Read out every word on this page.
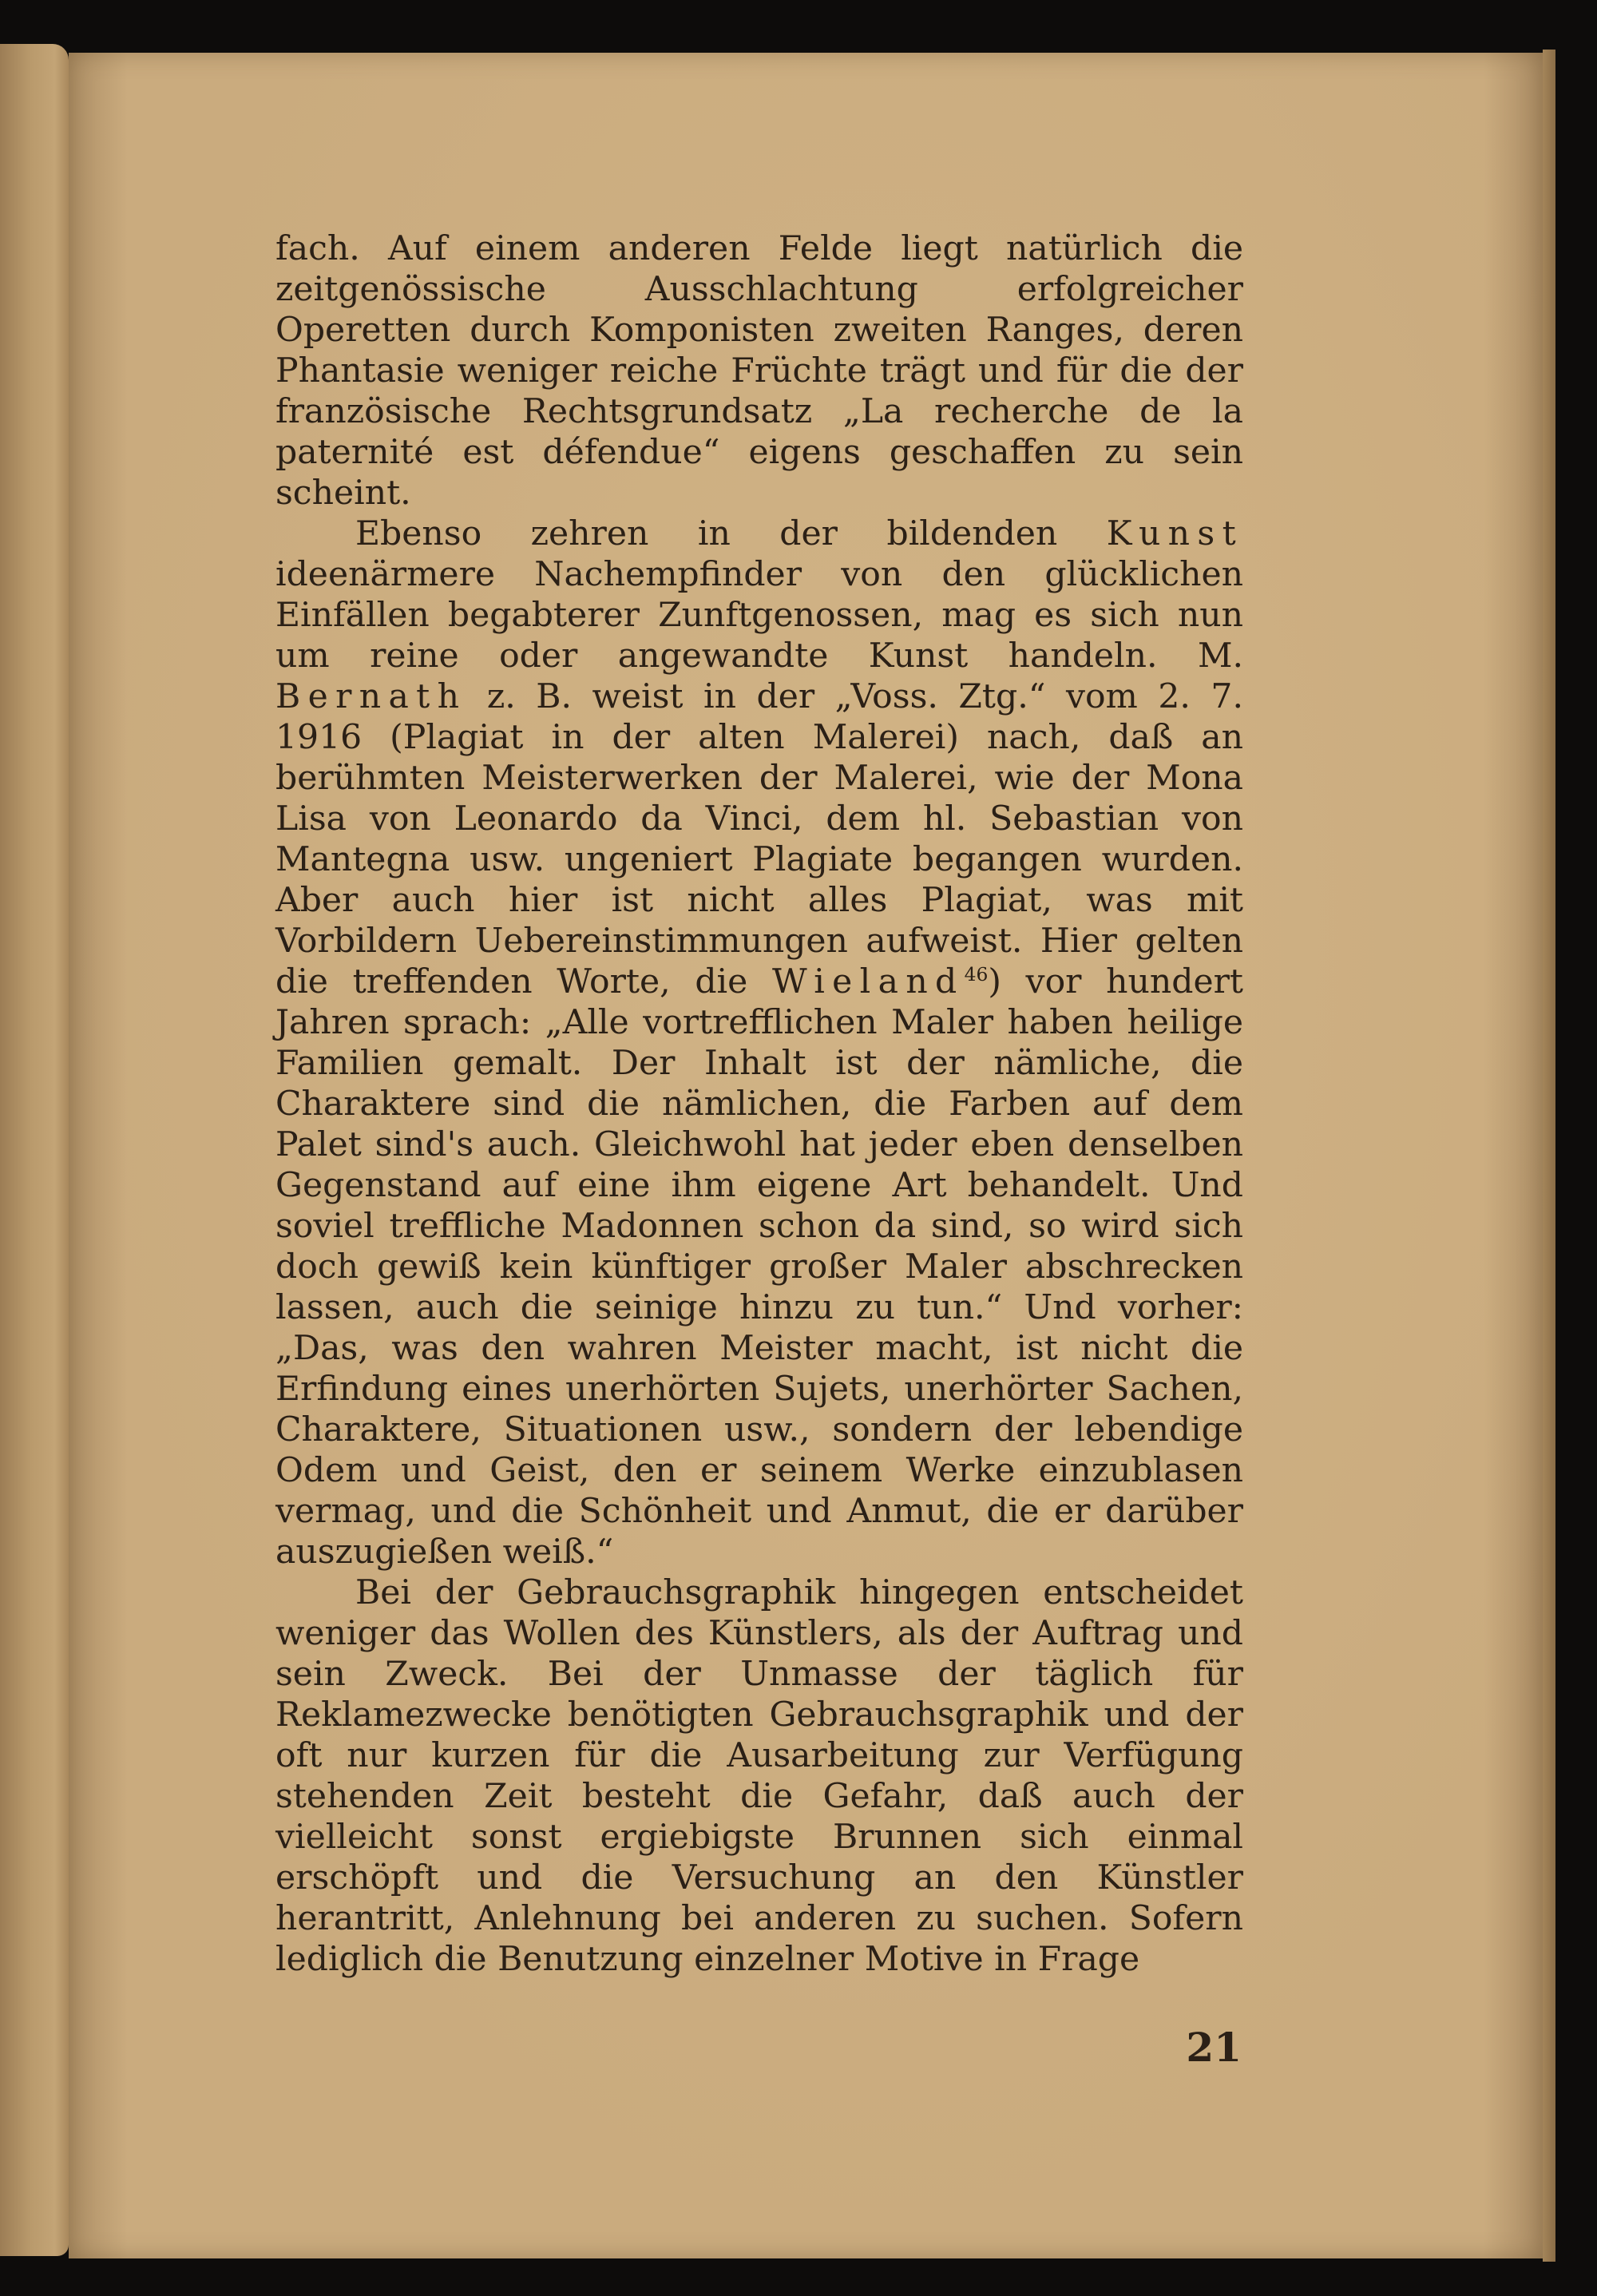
fach. Auf einem anderen Felde liegt natürlich die zeitgenössische Ausschlachtung erfolgreicher Operetten durch Komponisten zweiten Ranges, deren Phantasie weniger reiche Früchte trägt und für die der französische Rechtsgrundsatz „La recherche de la paternité est défendue“ eigens geschaffen zu sein scheint.

Ebenso zehren in der bildenden Kunst ideenärmere Nachempfinder von den glücklichen Einfällen begabterer Zunftgenossen, mag es sich nun um reine oder angewandte Kunst handeln. M. Bernath z. B. weist in der „Voss. Ztg.“ vom 2. 7. 1916 (Plagiat in der alten Malerei) nach, daß an berühmten Meisterwerken der Malerei, wie der Mona Lisa von Leonardo da Vinci, dem hl. Sebastian von Mantegna usw. ungeniert Plagiate begangen wurden. Aber auch hier ist nicht alles Plagiat, was mit Vorbildern Uebereinstimmungen aufweist. Hier gelten die treffenden Worte, die Wieland$^{46}$) vor hundert Jahren sprach: „Alle vortrefflichen Maler haben heilige Familien gemalt. Der Inhalt ist der nämliche, die Charaktere sind die nämlichen, die Farben auf dem Palet sind's auch. Gleichwohl hat jeder eben denselben Gegenstand auf eine ihm eigene Art behandelt. Und soviel treffliche Madonnen schon da sind, so wird sich doch gewiß kein künftiger großer Maler abschrecken lassen, auch die seinige hinzu zu tun.“ Und vorher: „Das, was den wahren Meister macht, ist nicht die Erfindung eines unerhörten Sujets, unerhörter Sachen, Charaktere, Situationen usw., sondern der lebendige Odem und Geist, den er seinem Werke einzublasen vermag, und die Schönheit und Anmut, die er darüber auszugießen weiß.“

Bei der Gebrauchsgraphik hingegen entscheidet weniger das Wollen des Künstlers, als der Auftrag und sein Zweck. Bei der Unmasse der täglich für Reklamezwecke benötigten Gebrauchsgraphik und der oft nur kurzen für die Ausarbeitung zur Verfügung stehenden Zeit besteht die Gefahr, daß auch der vielleicht sonst ergiebigste Brunnen sich einmal erschöpft und die Versuchung an den Künstler herantritt, Anlehnung bei anderen zu suchen. Sofern lediglich die Benutzung einzelner Motive in Frage

21
